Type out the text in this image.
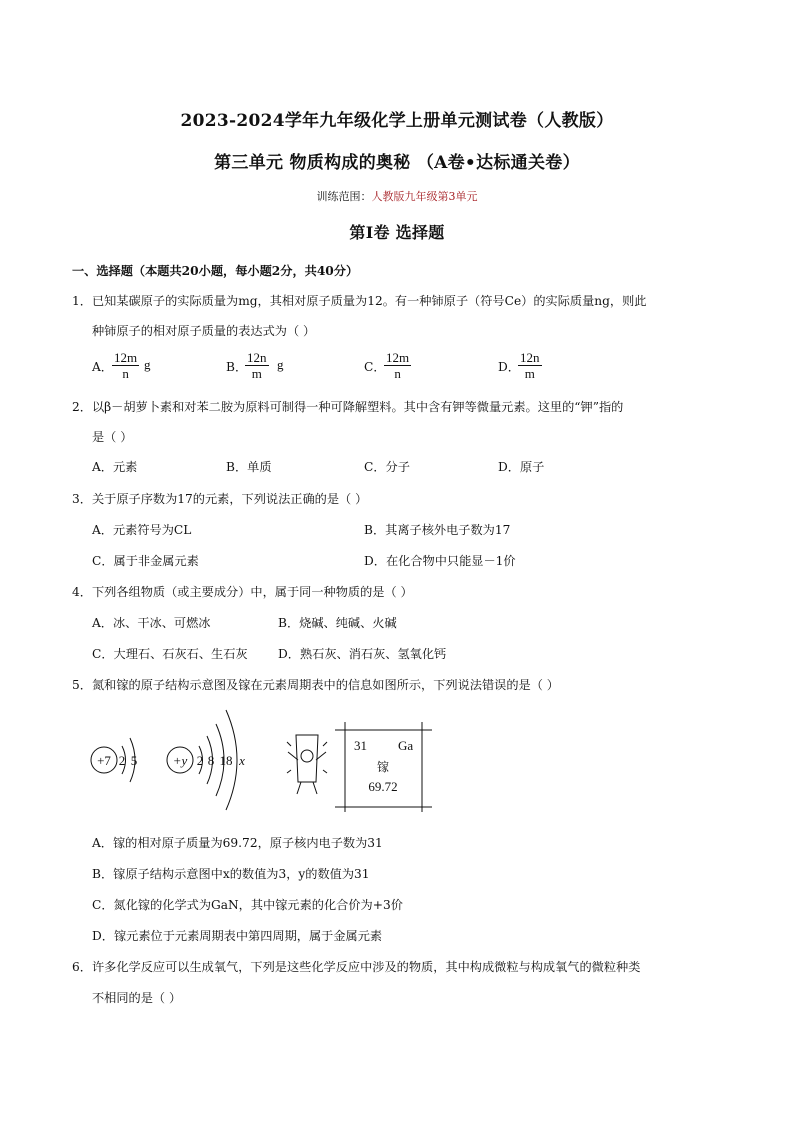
2023-2024学年九年级化学上册单元测试卷（人教版）
第三单元 物质构成的奥秘 （A卷•达标通关卷）
训练范围：人教版九年级第3单元
第Ⅰ卷 选择题
一、选择题（本题共20小题，每小题2分，共40分）
1．已知某碳原子的实际质量为mg，其相对原子质量为12。有一种铈原子（符号Ce）的实际质量ng，则此
种铈原子的相对原子质量的表达式为（ ）
A． $\frac{12m}{n}$ g	B．
$\frac{12n}{m}$ g	C．
$\frac{12m}{n}$	D．
$\frac{12n}{m}$
2．以β－胡萝卜素和对苯二胺为原料可制得一种可降解塑料。其中含有钾等微量元素。这里的“钾”指的
是（ ）
A．元素	B．单质	C．分子	D．原子
3．关于原子序数为17的元素，下列说法正确的是（ ）
A．元素符号为CL	B．其离子核外电子数为17
C．属于非金属元素	D．在化合物中只能显－1价
4．下列各组物质（或主要成分）中，属于同一种物质的是（ ）
A．冰、干冰、可燃冰	B．烧碱、纯碱、火碱
C．大理石、石灰石、生石灰 D．熟石灰、消石灰、氢氧化钙
5．氮和镓的原子结构示意图及镓在元素周期表中的信息如图所示，下列说法错误的是（ ）
+7 2 5	+y 2 8 18 x
31 Ga
镓
69.72
A．镓的相对原子质量为69.72，原子核内电子数为31
B．镓原子结构示意图中x的数值为3，y的数值为31
C．氮化镓的化学式为GaN，其中镓元素的化合价为+3价
D．镓元素位于元素周期表中第四周期，属于金属元素
6．许多化学反应可以生成氧气，下列是这些化学反应中涉及的物质，其中构成微粒与构成氧气的微粒种类
不相同的是（ ）
